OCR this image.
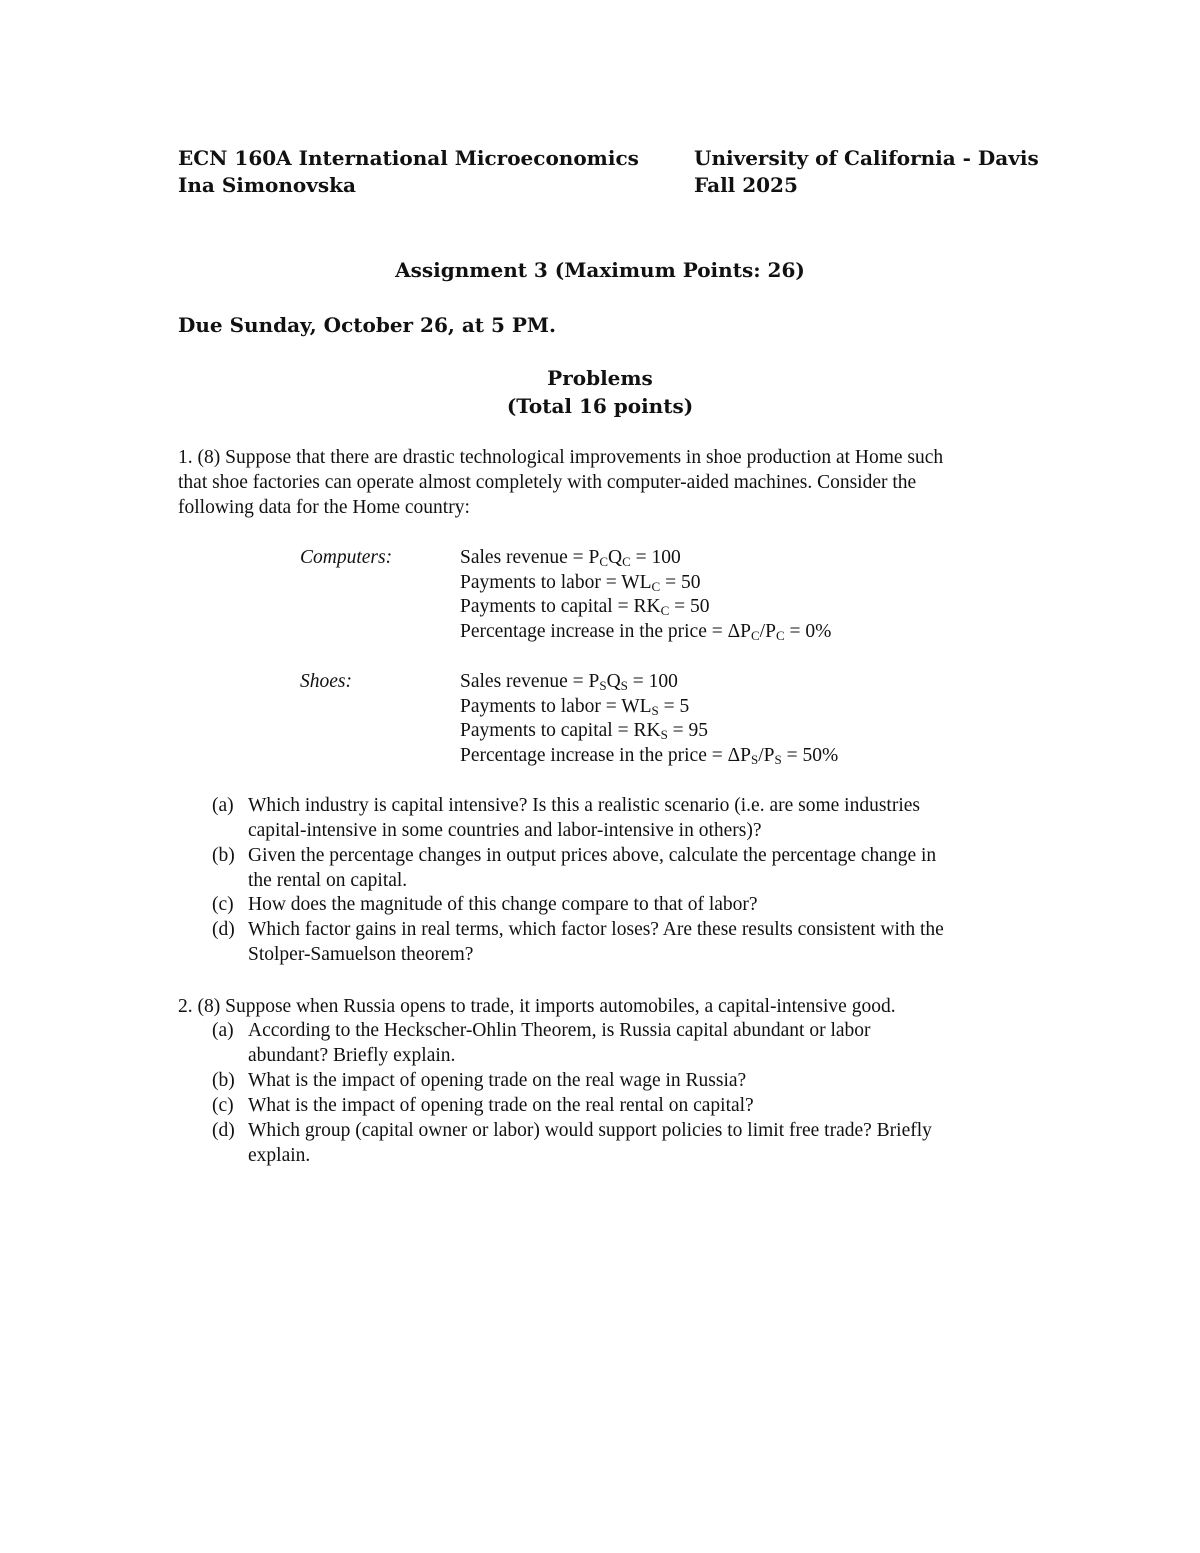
ECN 160A International Microeconomics
Ina Simonovska
University of California - Davis
Fall 2025
Assignment 3 (Maximum Points: 26)
Due Sunday, October 26, at 5 PM.
Problems
(Total 16 points)
1. (8) Suppose that there are drastic technological improvements in shoe production at Home such
that shoe factories can operate almost completely with computer-aided machines. Consider the
following data for the Home country:
Computers:	Sales revenue = $P_CQ_C = 100$
Payments to labor = $WL_C = 50$
Payments to capital = $RK_C = 50$
Percentage increase in the price = $\Delta P_C/P_C = 0\%$
Shoes:	Sales revenue = $P_SQ_S = 100$
Payments to labor = $WL_S = 5$
Payments to capital = $RK_S = 95$
Percentage increase in the price = $\Delta P_S/P_S = 50\%$
(a) Which industry is capital intensive? Is this a realistic scenario (i.e. are some industries
capital-intensive in some countries and labor-intensive in others)?
(b) Given the percentage changes in output prices above, calculate the percentage change in
the rental on capital.
(c) How does the magnitude of this change compare to that of labor?
(d) Which factor gains in real terms, which factor loses? Are these results consistent with the
Stolper-Samuelson theorem?
2. (8) Suppose when Russia opens to trade, it imports automobiles, a capital-intensive good.
(a) According to the Heckscher-Ohlin Theorem, is Russia capital abundant or labor
abundant? Briefly explain.
(b) What is the impact of opening trade on the real wage in Russia?
(c) What is the impact of opening trade on the real rental on capital?
(d) Which group (capital owner or labor) would support policies to limit free trade? Briefly
explain.
